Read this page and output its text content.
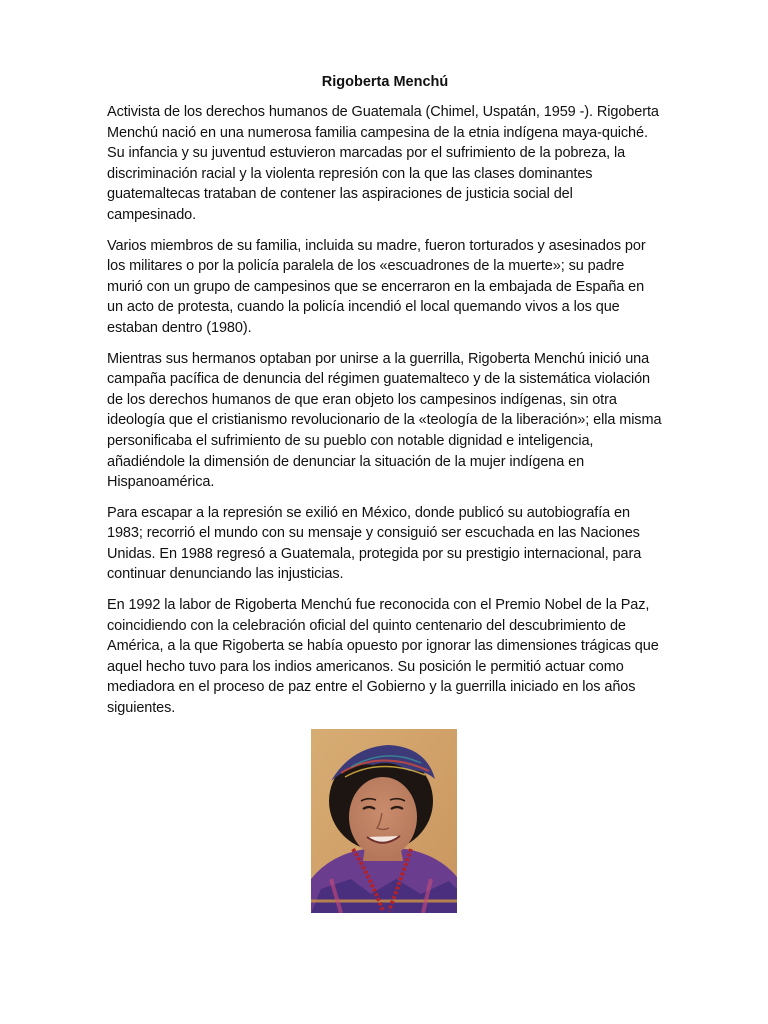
Rigoberta Menchú

Activista de los derechos humanos de Guatemala (Chimel, Uspatán, 1959 -). Rigoberta Menchú nació en una numerosa familia campesina de la etnia indígena maya-quiché. Su infancia y su juventud estuvieron marcadas por el sufrimiento de la pobreza, la discriminación racial y la violenta represión con la que las clases dominantes guatemaltecas trataban de contener las aspiraciones de justicia social del campesinado.

Varios miembros de su familia, incluida su madre, fueron torturados y asesinados por los militares o por la policía paralela de los «escuadrones de la muerte»; su padre murió con un grupo de campesinos que se encerraron en la embajada de España en un acto de protesta, cuando la policía incendió el local quemando vivos a los que estaban dentro (1980).

Mientras sus hermanos optaban por unirse a la guerrilla, Rigoberta Menchú inició una campaña pacífica de denuncia del régimen guatemalteco y de la sistemática violación de los derechos humanos de que eran objeto los campesinos indígenas, sin otra ideología que el cristianismo revolucionario de la «teología de la liberación»; ella misma personificaba el sufrimiento de su pueblo con notable dignidad e inteligencia, añadiéndole la dimensión de denunciar la situación de la mujer indígena en Hispanoamérica.

Para escapar a la represión se exilió en México, donde publicó su autobiografía en 1983; recorrió el mundo con su mensaje y consiguió ser escuchada en las Naciones Unidas. En 1988 regresó a Guatemala, protegida por su prestigio internacional, para continuar denunciando las injusticias.

En 1992 la labor de Rigoberta Menchú fue reconocida con el Premio Nobel de la Paz, coincidiendo con la celebración oficial del quinto centenario del descubrimiento de América, a la que Rigoberta se había opuesto por ignorar las dimensiones trágicas que aquel hecho tuvo para los indios americanos. Su posición le permitió actuar como mediadora en el proceso de paz entre el Gobierno y la guerrilla iniciado en los años siguientes.
